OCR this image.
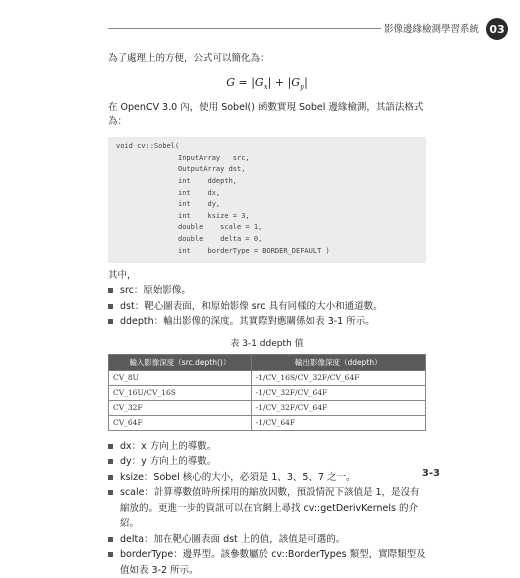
影像邊緣檢測學習系統 03

為了處理上的方便，公式可以簡化為：

$G = |G_x| + |G_y|$

在 OpenCV 3.0 內，使用 Sobel() 函數實現 Sobel 邊緣檢測，其語法格式為：

void cv::Sobel(
InputArray   src,
OutputArray dst,
int    ddepth,
int    dx,
int    dy,
int    ksize = 3,
double    scale = 1,
double    delta = 0,
int    borderType = BORDER_DEFAULT )

其中，

src：原始影像。
dst：靶心圖表面，和原始影像 src 具有同樣的大小和通道數。
ddepth：輸出影像的深度。其實際對應關係如表 3-1 所示。
表 3-1 ddepth 值
輸入影像深度（src.depth()）	輸出影像深度（ddepth）
CV_8U	-1/CV_16S/CV_32F/CV_64F
CV_16U/CV_16S	-1/CV_32F/CV_64F
CV_32F	-1/CV_32F/CV_64F
CV_64F	-1/CV_64F
dx：x 方向上的導數。
dy：y 方向上的導數。
ksize：Sobel 核心的大小，必須是 1、3、5、7 之一。
scale：計算導數值時所採用的縮放因數，預設情況下該值是 1，是沒有縮放的。更進一步的資訊可以在官網上尋找 cv::getDerivKernels 的介紹。
delta：加在靶心圖表面 dst 上的值，該值是可選的。
borderType：邊界型。該參數屬於 cv::BorderTypes 類型，實際類型及值如表 3-2 所示。
3-3
